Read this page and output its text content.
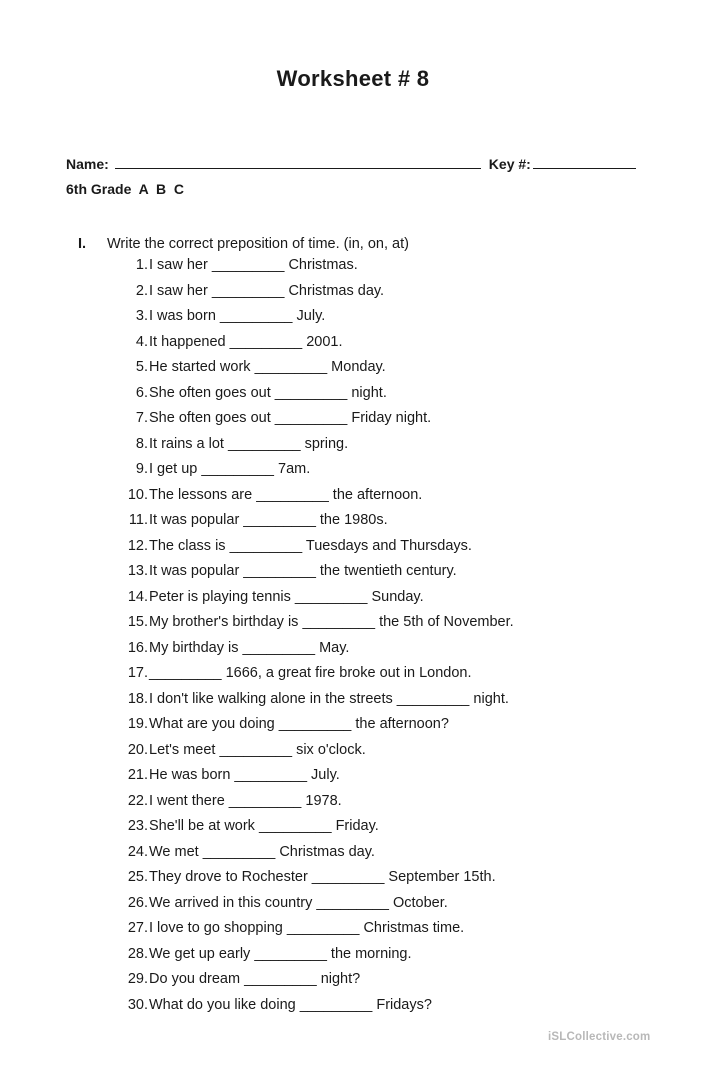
Worksheet # 8
Name:	Key #:
6th Grade  A  B  C
I. Write the correct preposition of time. (in, on, at)
1.I saw her _________ Christmas.
2.I saw her _________ Christmas day.
3.I was born _________ July.
4.It happened _________ 2001.
5.He started work _________ Monday.
6.She often goes out _________ night.
7.She often goes out _________ Friday night.
8.It rains a lot _________ spring.
9.I get up _________ 7am.
10.The lessons are _________ the afternoon.
11.It was popular _________ the 1980s.
12.The class is _________ Tuesdays and Thursdays.
13.It was popular _________ the twentieth century.
14.Peter is playing tennis _________ Sunday.
15.My brother's birthday is _________ the 5th of November.
16.My birthday is _________ May.
17._________ 1666, a great fire broke out in London.
18.I don't like walking alone in the streets _________ night.
19.What are you doing _________ the afternoon?
20.Let's meet _________ six o'clock.
21.He was born _________ July.
22.I went there _________ 1978.
23.She'll be at work _________ Friday.
24.We met _________ Christmas day.
25.They drove to Rochester _________ September 15th.
26.We arrived in this country _________ October.
27.I love to go shopping _________ Christmas time.
28.We get up early _________ the morning.
29.Do you dream _________ night?
30.What do you like doing _________ Fridays?
iSLCollective.com
